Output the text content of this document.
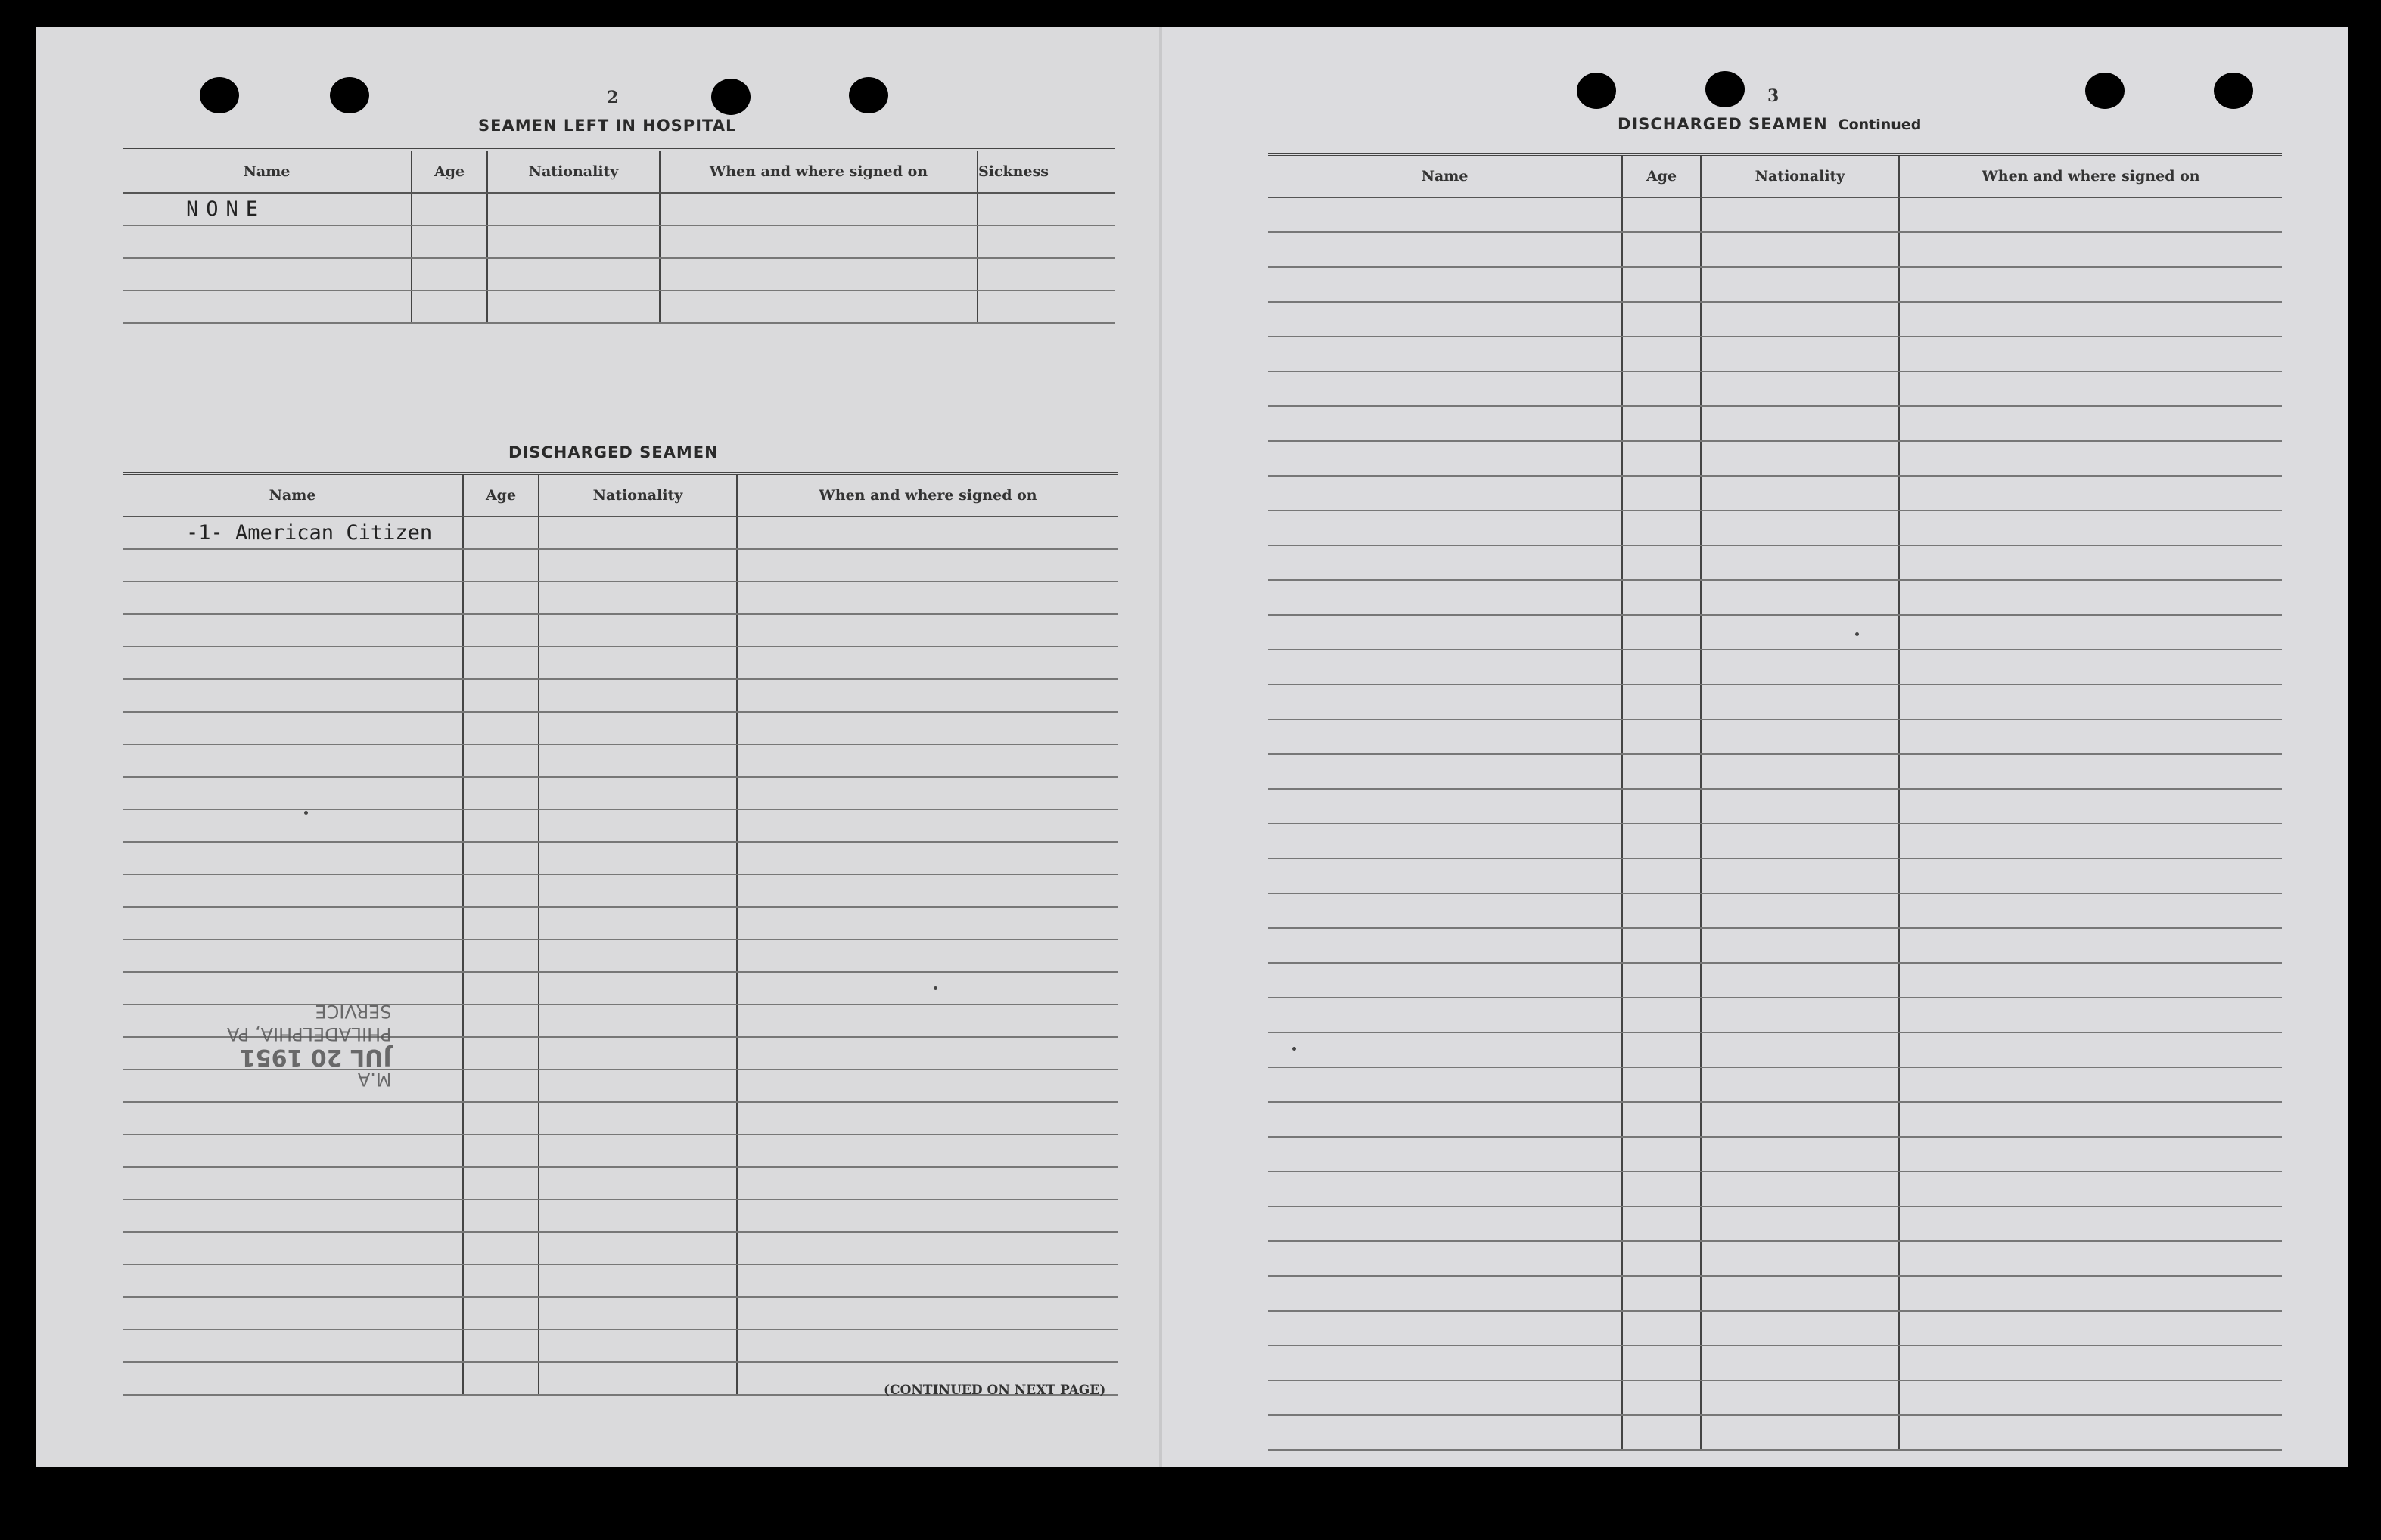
2
SEAMEN LEFT IN HOSPITAL
Name	Age	Nationality	When and where signed on	Sickness
NONE				

DISCHARGED SEAMEN
Name	Age	Nationality	When and where signed on
-1- American Citizen			

(CONTINUED ON NEXT PAGE)
M.A
JUL 20 1951
PHILADELPHIA, PA
SERVICE
3
DISCHARGED SEAMEN Continued
Name	Age	Nationality	When and where signed on
